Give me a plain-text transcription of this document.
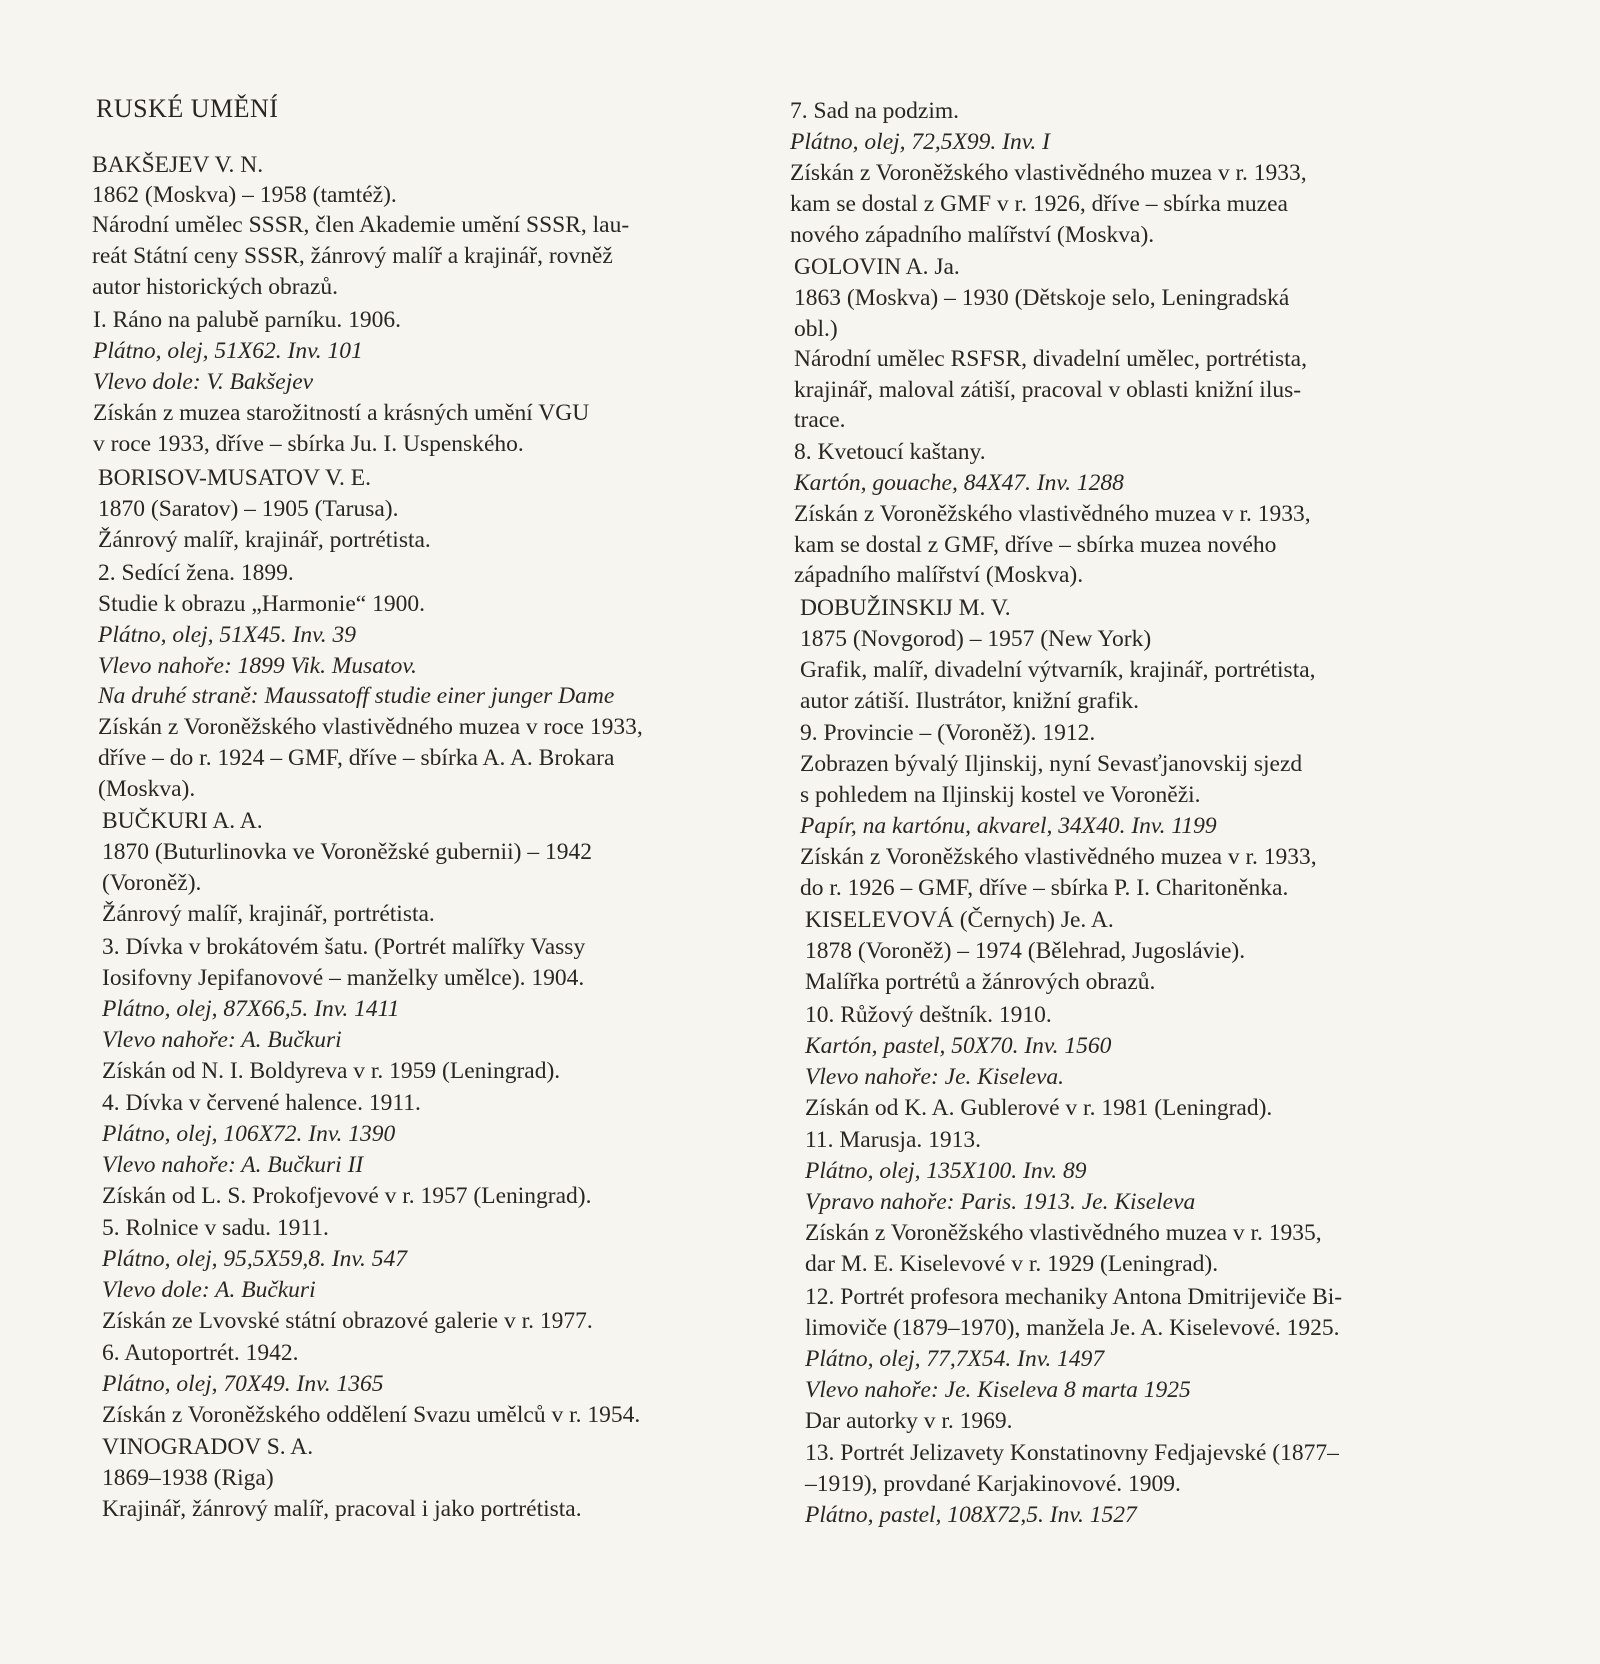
RUSKÉ UMĚNÍ
BAKŠEJEV V. N.
1862 (Moskva) – 1958 (tamtéž).
Národní umělec SSSR, člen Akademie umění SSSR, lau-
reát Státní ceny SSSR, žánrový malíř a krajinář, rovněž
autor historických obrazů.
I. Ráno na palubě parníku. 1906.
Plátno, olej, 51X62. Inv. 101
Vlevo dole: V. Bakšejev
Získán z muzea starožitností a krásných umění VGU
v roce 1933, dříve – sbírka Ju. I. Uspenského.
BORISOV-MUSATOV V. E.
1870 (Saratov) – 1905 (Tarusa).
Žánrový malíř, krajinář, portrétista.
2. Sedící žena. 1899.
Studie k obrazu „Harmonie“ 1900.
Plátno, olej, 51X45. Inv. 39
Vlevo nahoře: 1899 Vik. Musatov.
Na druhé straně: Maussatoff studie einer junger Dame
Získán z Voroněžského vlastivědného muzea v roce 1933,
dříve – do r. 1924 – GMF, dříve – sbírka A. A. Brokara
(Moskva).
BUČKURI A. A.
1870 (Buturlinovka ve Voroněžské gubernii) – 1942
(Voroněž).
Žánrový malíř, krajinář, portrétista.
3. Dívka v brokátovém šatu. (Portrét malířky Vassy
Iosifovny Jepifanovové – manželky umělce). 1904.
Plátno, olej, 87X66,5. Inv. 1411
Vlevo nahoře: A. Bučkuri
Získán od N. I. Boldyreva v r. 1959 (Leningrad).
4. Dívka v červené halence. 1911.
Plátno, olej, 106X72. Inv. 1390
Vlevo nahoře: A. Bučkuri II
Získán od L. S. Prokofjevové v r. 1957 (Leningrad).
5. Rolnice v sadu. 1911.
Plátno, olej, 95,5X59,8. Inv. 547
Vlevo dole: A. Bučkuri
Získán ze Lvovské státní obrazové galerie v r. 1977.
6. Autoportrét. 1942.
Plátno, olej, 70X49. Inv. 1365
Získán z Voroněžského oddělení Svazu umělců v r. 1954.
VINOGRADOV S. A.
1869–1938 (Riga)
Krajinář, žánrový malíř, pracoval i jako portrétista.
7. Sad na podzim.
Plátno, olej, 72,5X99. Inv. I
Získán z Voroněžského vlastivědného muzea v r. 1933,
kam se dostal z GMF v r. 1926, dříve – sbírka muzea
nového západního malířství (Moskva).
GOLOVIN A. Ja.
1863 (Moskva) – 1930 (Dětskoje selo, Leningradská
obl.)
Národní umělec RSFSR, divadelní umělec, portrétista,
krajinář, maloval zátiší, pracoval v oblasti knižní ilus-
trace.
8. Kvetoucí kaštany.
Kartón, gouache, 84X47. Inv. 1288
Získán z Voroněžského vlastivědného muzea v r. 1933,
kam se dostal z GMF, dříve – sbírka muzea nového
západního malířství (Moskva).
DOBUŽINSKIJ M. V.
1875 (Novgorod) – 1957 (New York)
Grafik, malíř, divadelní výtvarník, krajinář, portrétista,
autor zátiší. Ilustrátor, knižní grafik.
9. Provincie – (Voroněž). 1912.
Zobrazen bývalý Iljinskij, nyní Sevasťjanovskij sjezd
s pohledem na Iljinskij kostel ve Voroněži.
Papír, na kartónu, akvarel, 34X40. Inv. 1199
Získán z Voroněžského vlastivědného muzea v r. 1933,
do r. 1926 – GMF, dříve – sbírka P. I. Charitoněnka.
KISELEVOVÁ (Černych) Je. A.
1878 (Voroněž) – 1974 (Bělehrad, Jugoslávie).
Malířka portrétů a žánrových obrazů.
10. Růžový deštník. 1910.
Kartón, pastel, 50X70. Inv. 1560
Vlevo nahoře: Je. Kiseleva.
Získán od K. A. Gublerové v r. 1981 (Leningrad).
11. Marusja. 1913.
Plátno, olej, 135X100. Inv. 89
Vpravo nahoře: Paris. 1913. Je. Kiseleva
Získán z Voroněžského vlastivědného muzea v r. 1935,
dar M. E. Kiselevové v r. 1929 (Leningrad).
12. Portrét profesora mechaniky Antona Dmitrijeviče Bi-
limoviče (1879–1970), manžela Je. A. Kiselevové. 1925.
Plátno, olej, 77,7X54. Inv. 1497
Vlevo nahoře: Je. Kiseleva 8 marta 1925
Dar autorky v r. 1969.
13. Portrét Jelizavety Konstatinovny Fedjajevské (1877–
–1919), provdané Karjakinovové. 1909.
Plátno, pastel, 108X72,5. Inv. 1527
